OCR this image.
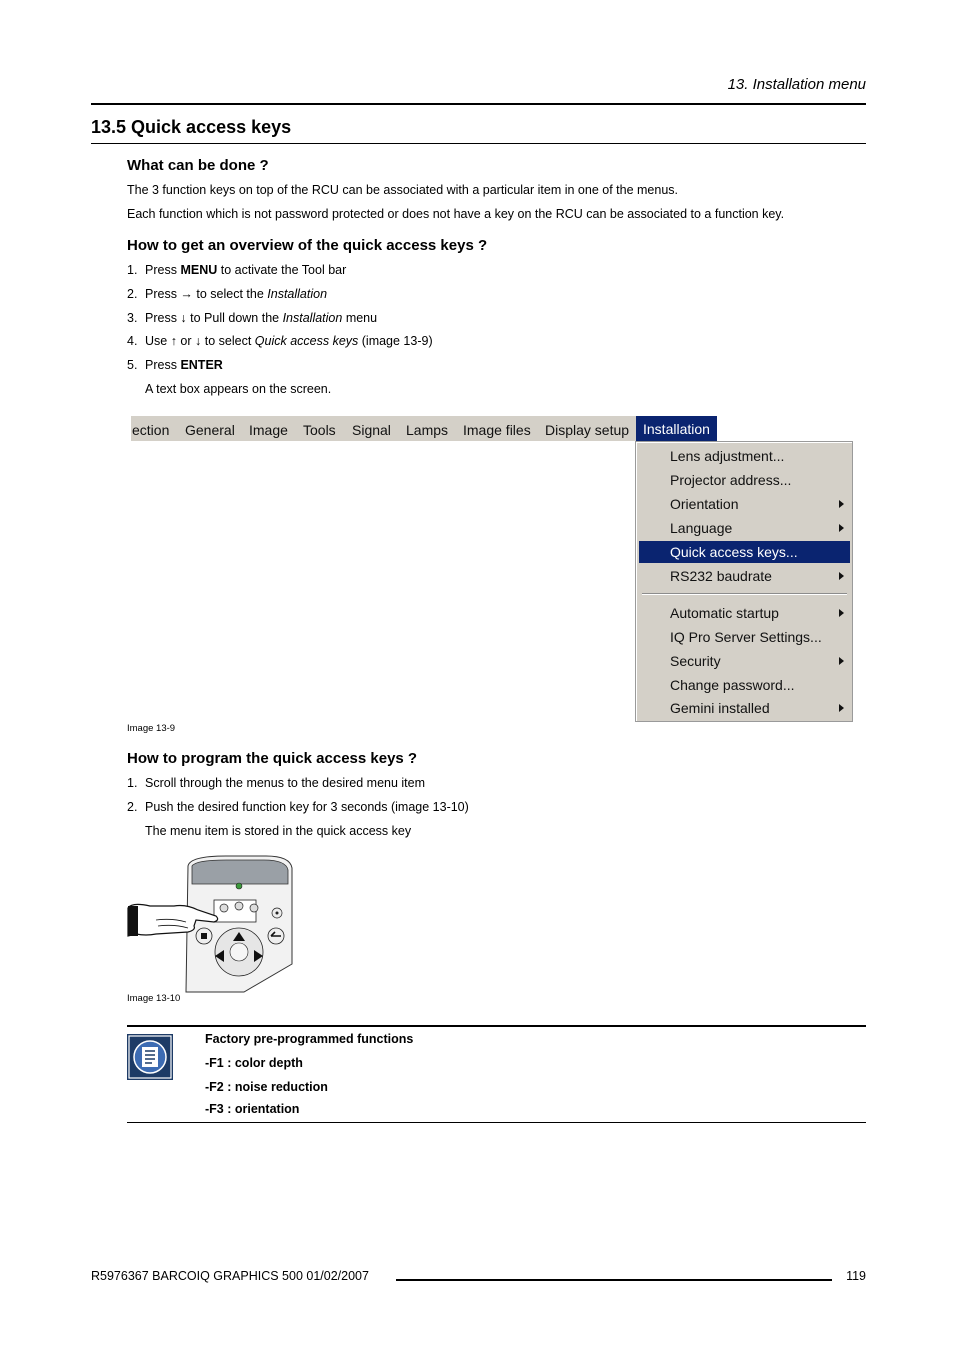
13. Installation menu
13.5 Quick access keys
What can be done ?
The 3 function keys on top of the RCU can be associated with a particular item in one of the menus.
Each function which is not password protected or does not have a key on the RCU can be associated to a function key.
How to get an overview of the quick access keys ?
1. Press MENU to activate the Tool bar
2. Press → to select the Installation
3. Press ↓ to Pull down the Installation menu
4. Use ↑ or ↓ to select Quick access keys (image 13-9)
5. Press ENTER
A text box appears on the screen.
ection General Image Tools Signal Lamps Image files Display setup Installation
Lens adjustment...
Projector address...
Orientation
Language
Quick access keys...
RS232 baudrate
Automatic startup
IQ Pro Server Settings...
Security
Change password...
Gemini installed
Image 13-9
How to program the quick access keys ?
1. Scroll through the menus to the desired menu item
2. Push the desired function key for 3 seconds (image 13-10)
The menu item is stored in the quick access key
Image 13-10
Factory pre-programmed functions
-F1 : color depth
-F2 : noise reduction
-F3 : orientation
R5976367 BARCOIQ GRAPHICS 500 01/02/2007	119
